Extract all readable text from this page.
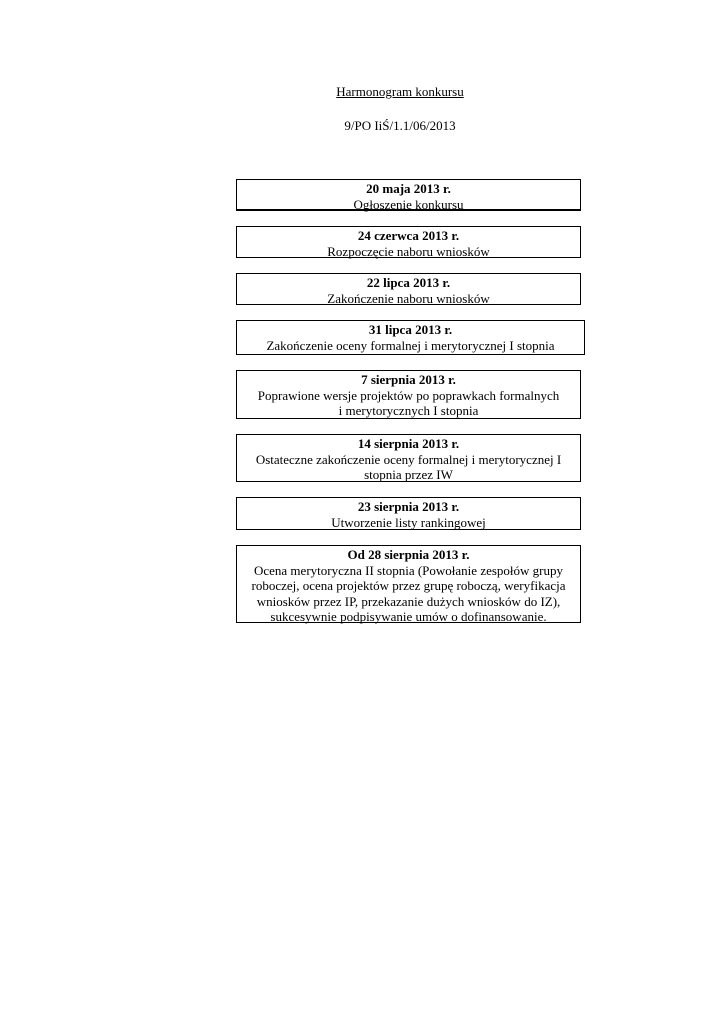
Harmonogram konkursu
9/PO IiŚ/1.1/06/2013
20 maja 2013 r.
Ogłoszenie konkursu
24 czerwca 2013 r.
Rozpoczęcie naboru wniosków
22 lipca 2013 r.
Zakończenie naboru wniosków
31 lipca 2013 r.
Zakończenie oceny formalnej i merytorycznej I stopnia
7 sierpnia 2013 r.
Poprawione wersje projektów po poprawkach formalnych
i merytorycznych I stopnia
14 sierpnia 2013 r.
Ostateczne zakończenie oceny formalnej i merytorycznej I
stopnia przez IW
23 sierpnia 2013 r.
Utworzenie listy rankingowej
Od 28 sierpnia 2013 r.
Ocena merytoryczna II stopnia (Powołanie zespołów grupy
roboczej, ocena projektów przez grupę roboczą, weryfikacja
wniosków przez IP, przekazanie dużych wniosków do IZ),
sukcesywnie podpisywanie umów o dofinansowanie.
